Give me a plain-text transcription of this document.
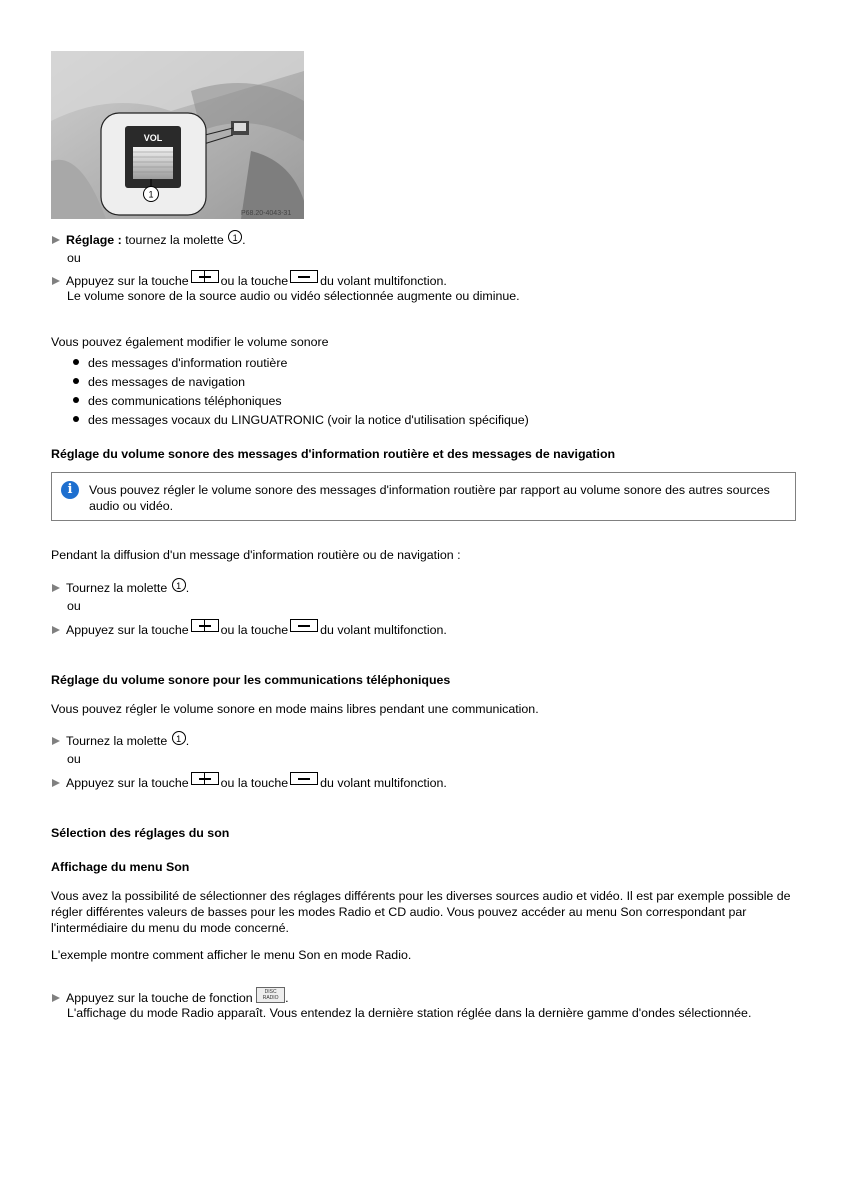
VOL
1
P68.20-4043-31
Réglage : tournez la molette 1 .
ou
Appuyez sur la touche	ou la touche	du volant multifonction.
Le volume sonore de la source audio ou vidéo sélectionnée augmente ou diminue.
Vous pouvez également modifier le volume sonore
des messages d'information routière
des messages de navigation
des communications téléphoniques
des messages vocaux du LINGUATRONIC (voir la notice d'utilisation spécifique)
Réglage du volume sonore des messages d'information routière et des messages de navigation
i	Vous pouvez régler le volume sonore des messages d'information routière par rapport au volume sonore des autres sources audio ou vidéo.
Pendant la diffusion d'un message d'information routière ou de navigation :
Tournez la molette 1 .
ou
Appuyez sur la touche	ou la touche	du volant multifonction.
Réglage du volume sonore pour les communications téléphoniques
Vous pouvez régler le volume sonore en mode mains libres pendant une communication.
Tournez la molette 1 .
ou
Appuyez sur la touche	ou la touche	du volant multifonction.
Sélection des réglages du son
Affichage du menu Son
Vous avez la possibilité de sélectionner des réglages différents pour les diverses sources audio et vidéo. Il est par exemple possible de régler différentes valeurs de basses pour les modes Radio et CD audio. Vous pouvez accéder au menu Son correspondant par l'intermédiaire du menu du mode concerné.
L'exemple montre comment afficher le menu Son en mode Radio.
Appuyez sur la touche de fonction DISC
RADIO .
L'affichage du mode Radio apparaît. Vous entendez la dernière station réglée dans la dernière gamme d'ondes sélectionnée.
